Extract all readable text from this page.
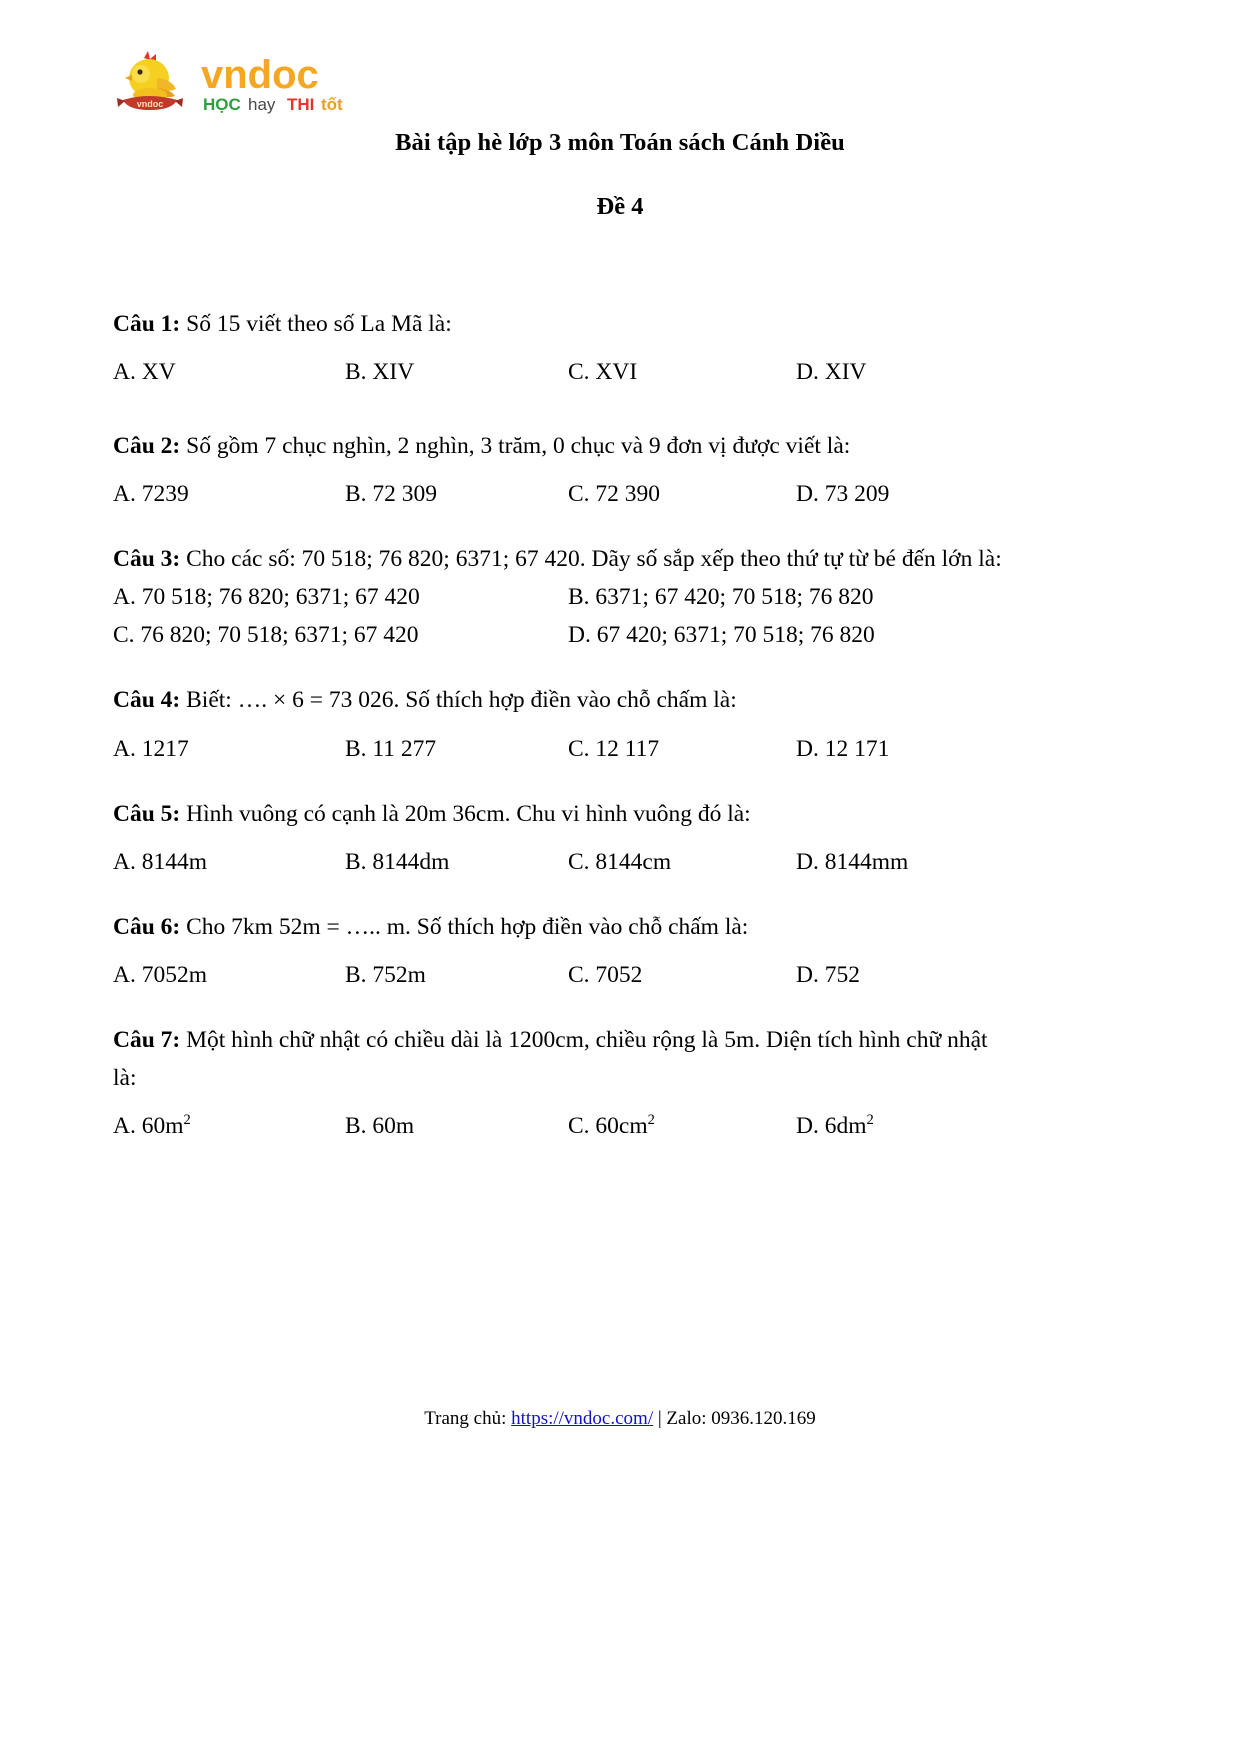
vndoc
vndoc
HỌC hay THI tốt
Bài tập hè lớp 3 môn Toán sách Cánh Diều
Đề 4
Câu 1: Số 15 viết theo số La Mã là:
A. XV	B. XIV	C. XVI	D. XIV
Câu 2: Số gồm 7 chục nghìn, 2 nghìn, 3 trăm, 0 chục và 9 đơn vị được viết là:
A. 7239	B. 72 309	C. 72 390	D. 73 209
Câu 3: Cho các số: 70 518; 76 820; 6371; 67 420. Dãy số sắp xếp theo thứ tự từ bé đến lớn là:
A. 70 518; 76 820; 6371; 67 420	B. 6371; 67 420; 70 518; 76 820
C. 76 820; 70 518; 6371; 67 420	D. 67 420; 6371; 70 518; 76 820
Câu 4: Biết: …. × 6 = 73 026. Số thích hợp điền vào chỗ chấm là:
A. 1217	B. 11 277	C. 12 117	D. 12 171
Câu 5: Hình vuông có cạnh là 20m 36cm. Chu vi hình vuông đó là:
A. 8144m	B. 8144dm	C. 8144cm	D. 8144mm
Câu 6: Cho 7km 52m = ….. m. Số thích hợp điền vào chỗ chấm là:
A. 7052m	B. 752m	C. 7052	D. 752
Câu 7: Một hình chữ nhật có chiều dài là 1200cm, chiều rộng là 5m. Diện tích hình chữ nhật là:
A. $60m^2$	B. 60m	C. $60cm^2$	D. $6dm^2$
Trang chủ: https://vndoc.com/ | Zalo: 0936.120.169
